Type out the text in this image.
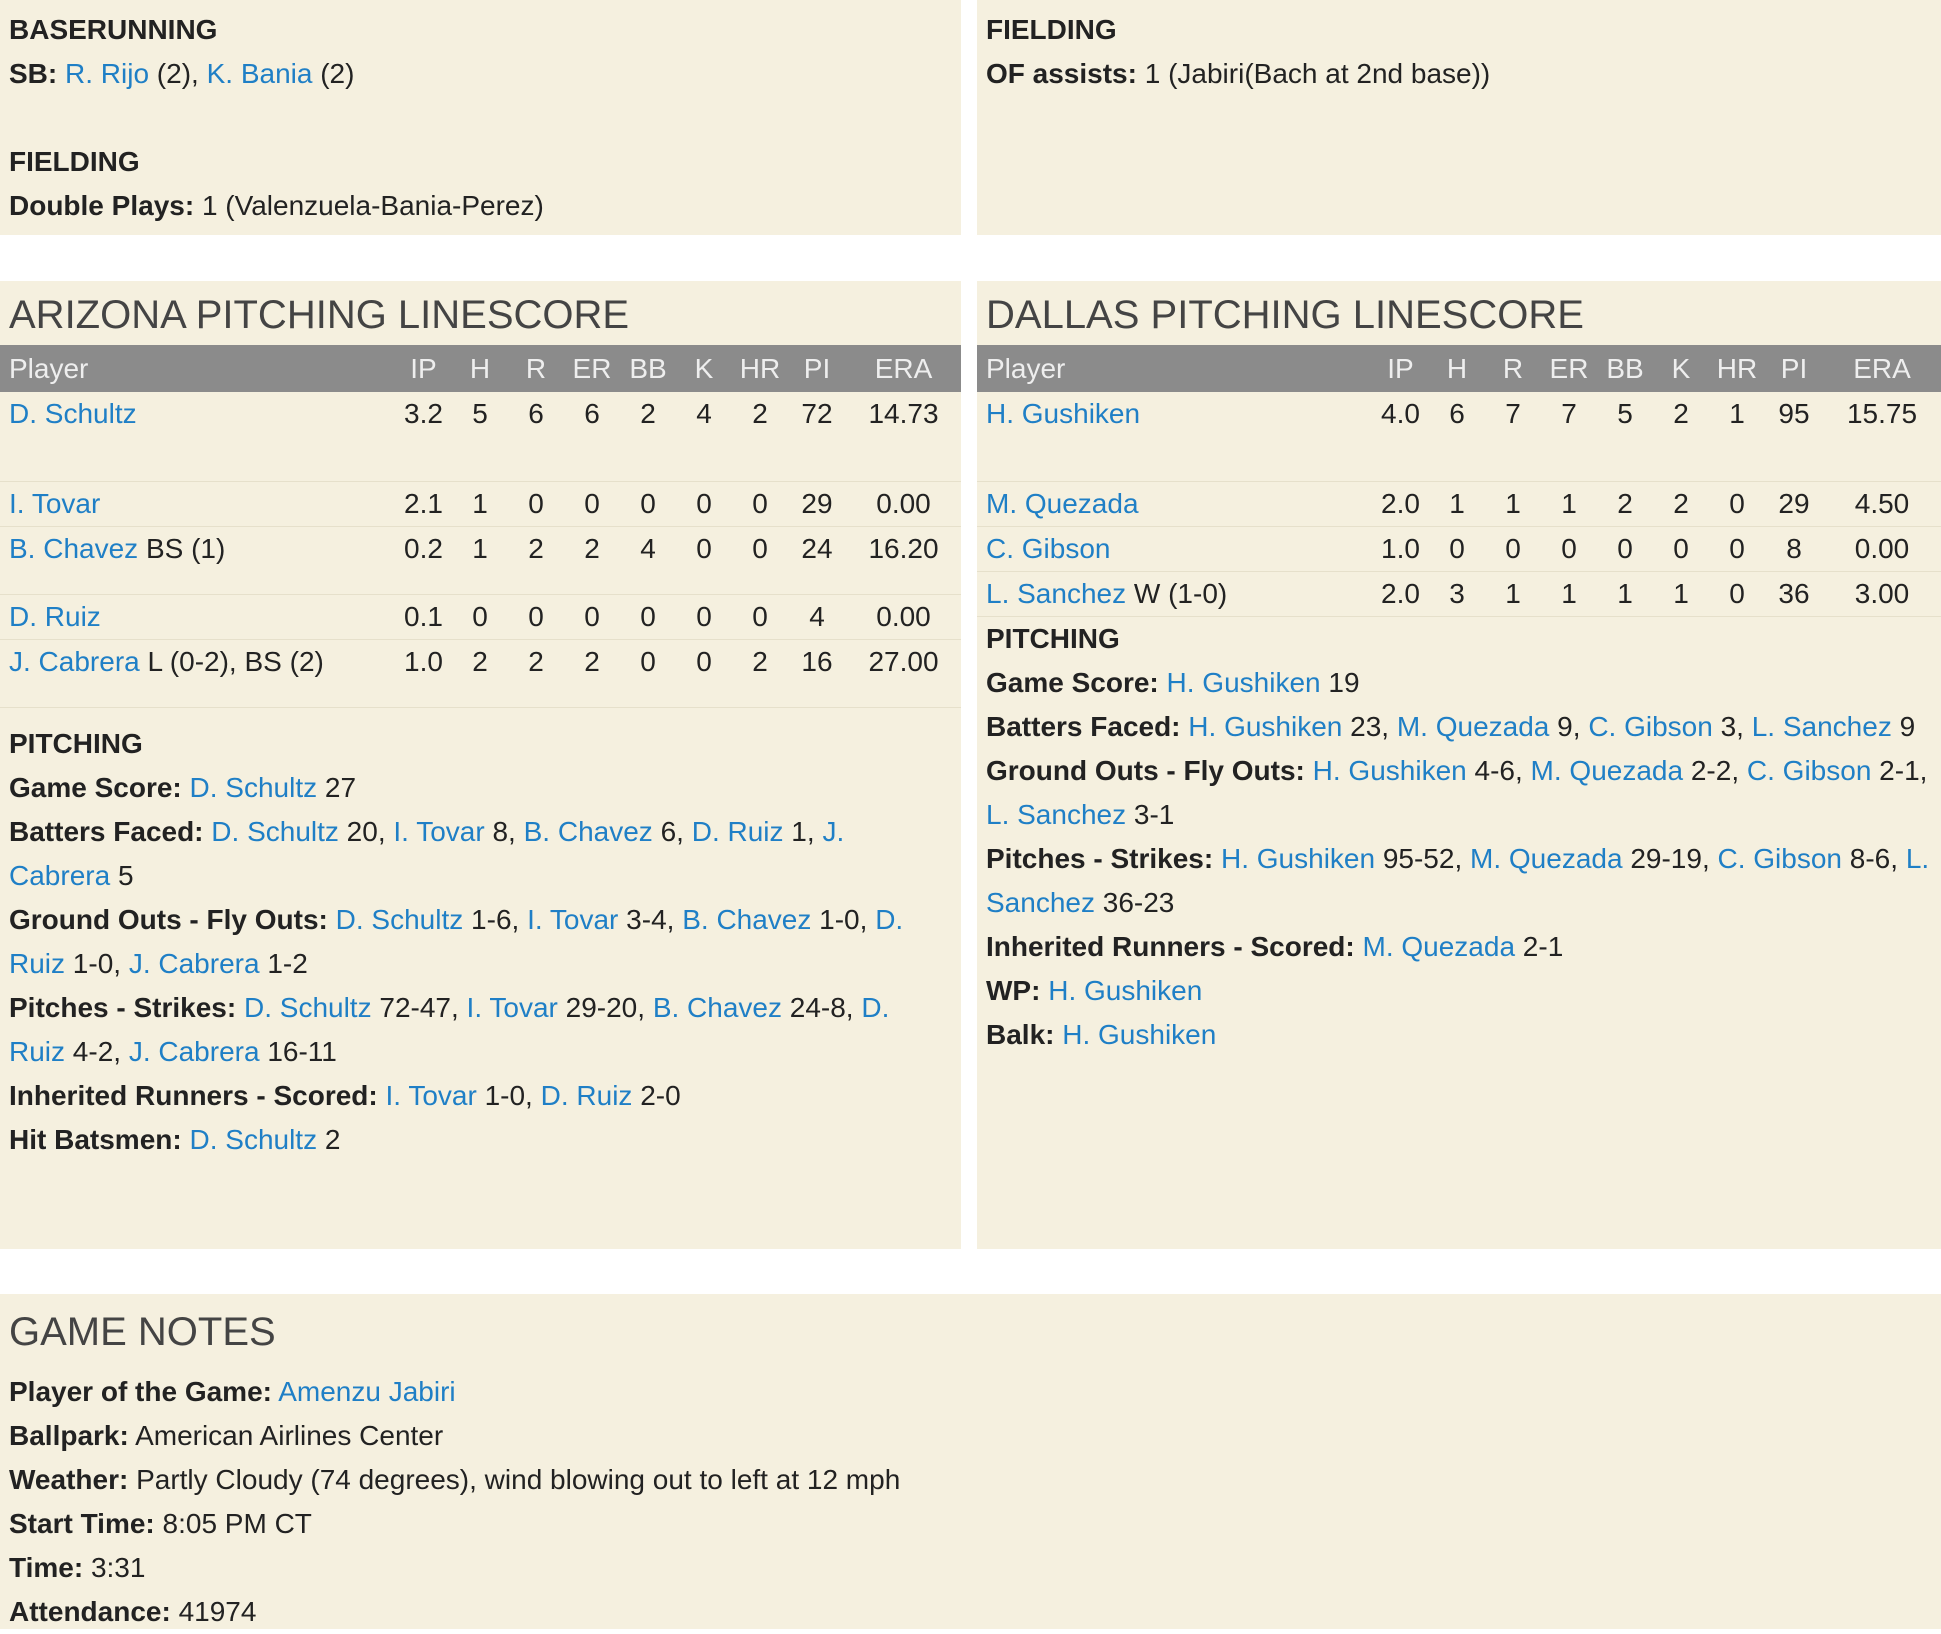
BASERUNNING

SB: R. Rijo (2), K. Bania (2)

FIELDING

Double Plays: 1 (Valenzuela-Bania-Perez)

FIELDING

OF assists: 1 (Jabiri(Bach at 2nd base))

ARIZONA PITCHING LINESCORE
Player	IP	H	R	ER	BB	K	HR	PI	ERA
D. Schultz	3.2	5	6	6	2	4	2	72	14.73
I. Tovar	2.1	1	0	0	0	0	0	29	0.00
B. Chavez BS (1)	0.2	1	2	2	4	0	0	24	16.20
D. Ruiz	0.1	0	0	0	0	0	0	4	0.00
J. Cabrera L (0-2), BS (2)	1.0	2	2	2	0	0	2	16	27.00

PITCHING

Game Score: D. Schultz 27

Batters Faced: D. Schultz 20, I. Tovar 8, B. Chavez 6, D. Ruiz 1, J. Cabrera 5

Ground Outs - Fly Outs: D. Schultz 1-6, I. Tovar 3-4, B. Chavez 1-0, D. Ruiz 1-0, J. Cabrera 1-2

Pitches - Strikes: D. Schultz 72-47, I. Tovar 29-20, B. Chavez 24-8, D. Ruiz 4-2, J. Cabrera 16-11

Inherited Runners - Scored: I. Tovar 1-0, D. Ruiz 2-0

Hit Batsmen: D. Schultz 2

DALLAS PITCHING LINESCORE
Player	IP	H	R	ER	BB	K	HR	PI	ERA
H. Gushiken	4.0	6	7	7	5	2	1	95	15.75
M. Quezada	2.0	1	1	1	2	2	0	29	4.50
C. Gibson	1.0	0	0	0	0	0	0	8	0.00
L. Sanchez W (1-0)	2.0	3	1	1	1	1	0	36	3.00

PITCHING

Game Score: H. Gushiken 19

Batters Faced: H. Gushiken 23, M. Quezada 9, C. Gibson 3, L. Sanchez 9

Ground Outs - Fly Outs: H. Gushiken 4-6, M. Quezada 2-2, C. Gibson 2-1, L. Sanchez 3-1

Pitches - Strikes: H. Gushiken 95-52, M. Quezada 29-19, C. Gibson 8-6, L. Sanchez 36-23

Inherited Runners - Scored: M. Quezada 2-1

WP: H. Gushiken

Balk: H. Gushiken

GAME NOTES

Player of the Game: Amenzu Jabiri

Ballpark: American Airlines Center

Weather: Partly Cloudy (74 degrees), wind blowing out to left at 12 mph

Start Time: 8:05 PM CT

Time: 3:31

Attendance: 41974
